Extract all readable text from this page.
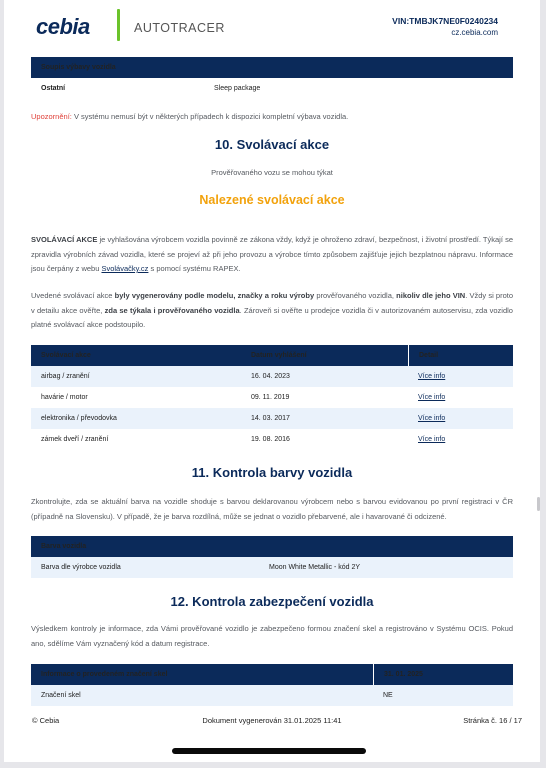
cebia	AUTOTRACER	VIN:TMBJK7NE0F0240234
cz.cebia.com
Soupis výbavy vozidla
Ostatní	Sleep package
Upozornění: V systému nemusí být v některých případech k dispozici kompletní výbava vozidla.
10. Svolávací akce
Prověřovaného vozu se mohou týkat
Nalezené svolávací akce
SVOLÁVACÍ AKCE je vyhlašována výrobcem vozidla povinně ze zákona vždy, když je ohroženo zdraví, bezpečnost, i životní prostředí. Týkají se zpravidla výrobních závad vozidla, které se projeví až při jeho provozu a výrobce tímto způsobem zajišťuje jejich bezplatnou nápravu. Informace jsou čerpány z webu Svolávačky.cz s pomocí systému RAPEX.
Uvedené svolávací akce byly vygenerovány podle modelu, značky a roku výroby prověřovaného vozidla, nikoliv dle jeho VIN. Vždy si proto v detailu akce ověřte, zda se týkala i prověřovaného vozidla. Zároveň si ověřte u prodejce vozidla či v autorizovaném autoservisu, zda vozidlo platné svolávací akce podstoupilo.
Svolávací akce	Datum vyhlášení	Detail
airbag / zranění	16. 04. 2023	Více info
havárie / motor	09. 11. 2019	Více info
elektronika / převodovka	14. 03. 2017	Více info
zámek dveří / zranění	19. 08. 2016	Více info
11. Kontrola barvy vozidla
Zkontrolujte, zda se aktuální barva na vozidle shoduje s barvou deklarovanou výrobcem nebo s barvou evidovanou po první registraci v ČR (případně na Slovensku). V případě, že je barva rozdílná, může se jednat o vozidlo přebarvené, ale i havarované či odcizené.
Barva vozidla
Barva dle výrobce vozidla	Moon White Metallic - kód 2Y
12. Kontrola zabezpečení vozidla
Výsledkem kontroly je informace, zda Vámi prověřované vozidlo je zabezpečeno formou značení skel a registrováno v Systému OCIS. Pokud ano, sdělíme Vám vyznačený kód a datum registrace.
Informace o provedeném značení skel	31. 01. 2025
Značení skel	NE
© Cebia	Dokument vygenerován 31.01.2025 11:41	Stránka č. 16 / 17
